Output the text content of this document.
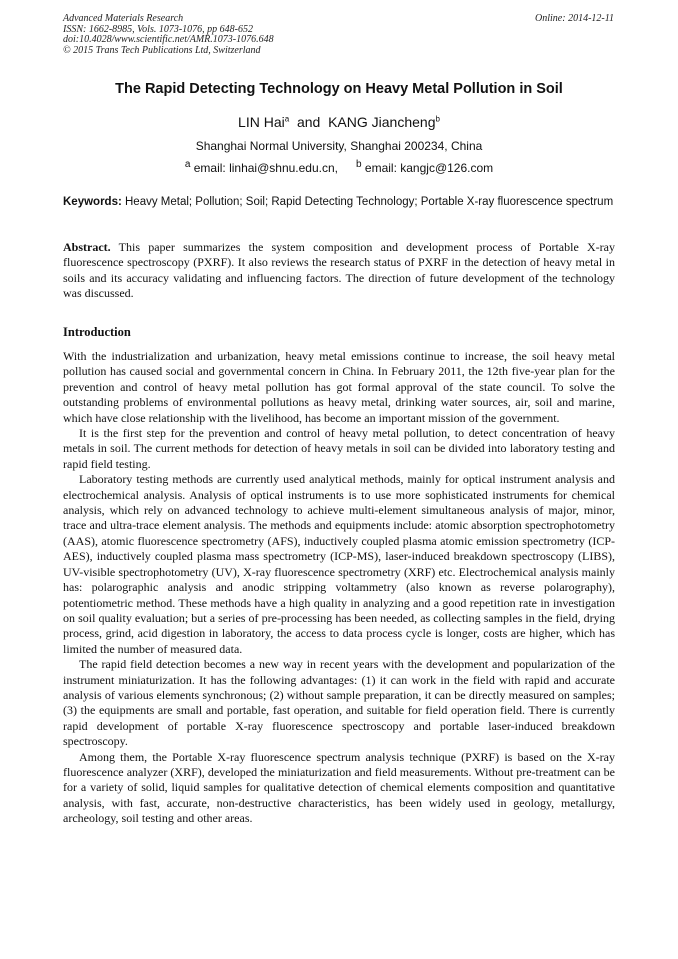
Advanced Materials Research
ISSN: 1662-8985, Vols. 1073-1076, pp 648-652
doi:10.4028/www.scientific.net/AMR.1073-1076.648
© 2015 Trans Tech Publications Ltd, Switzerland
Online: 2014-12-11
The Rapid Detecting Technology on Heavy Metal Pollution in Soil
LIN Hai$^a$ and KANG Jiancheng$^b$
Shanghai Normal University, Shanghai 200234, China
$^a$ email: linhai@shnu.edu.cn, $^b$ email: kangjc@126.com
Keywords: Heavy Metal; Pollution; Soil; Rapid Detecting Technology; Portable X-ray fluorescence spectrum
Abstract. This paper summarizes the system composition and development process of Portable X-ray fluorescence spectroscopy (PXRF). It also reviews the research status of PXRF in the detection of heavy metal in soils and its accuracy validating and influencing factors. The direction of future development of the technology was discussed.
Introduction

With the industrialization and urbanization, heavy metal emissions continue to increase, the soil heavy metal pollution has caused social and governmental concern in China. In February 2011, the 12th five-year plan for the prevention and control of heavy metal pollution has got formal approval of the state council. To solve the outstanding problems of environmental pollutions as heavy metal, drinking water sources, air, soil and marine, which have close relationship with the livelihood, has become an important mission of the government.

It is the first step for the prevention and control of heavy metal pollution, to detect concentration of heavy metals in soil. The current methods for detection of heavy metals in soil can be divided into laboratory testing and rapid field testing.

Laboratory testing methods are currently used analytical methods, mainly for optical instrument analysis and electrochemical analysis. Analysis of optical instruments is to use more sophisticated instruments for chemical analysis, which rely on advanced technology to achieve multi-element simultaneous analysis of major, minor, trace and ultra-trace element analysis. The methods and equipments include: atomic absorption spectrophotometry (AAS), atomic fluorescence spectrometry (AFS), inductively coupled plasma atomic emission spectrometry (ICP-AES), inductively coupled plasma mass spectrometry (ICP-MS), laser-induced breakdown spectroscopy (LIBS), UV-visible spectrophotometry (UV), X-ray fluorescence spectrometry (XRF) etc. Electrochemical analysis mainly has: polarographic analysis and anodic stripping voltammetry (also known as reverse polarography), potentiometric method. These methods have a high quality in analyzing and a good repetition rate in investigation on soil quality evaluation; but a series of pre-processing has been needed, as collecting samples in the field, drying process, grind, acid digestion in laboratory, the access to data process cycle is longer, costs are higher, which has limited the number of measured data.

The rapid field detection becomes a new way in recent years with the development and popularization of the instrument miniaturization. It has the following advantages: (1) it can work in the field with rapid and accurate analysis of various elements synchronous; (2) without sample preparation, it can be directly measured on samples; (3) the equipments are small and portable, fast operation, and suitable for field operation field. There is currently rapid development of portable X-ray fluorescence spectroscopy and portable laser-induced breakdown spectroscopy.

Among them, the Portable X-ray fluorescence spectrum analysis technique (PXRF) is based on the X-ray fluorescence analyzer (XRF), developed the miniaturization and field measurements. Without pre-treatment can be for a variety of solid, liquid samples for qualitative detection of chemical elements composition and quantitative analysis, with fast, accurate, non-destructive characteristics, has been widely used in geology, metallurgy, archeology, soil testing and other areas.
